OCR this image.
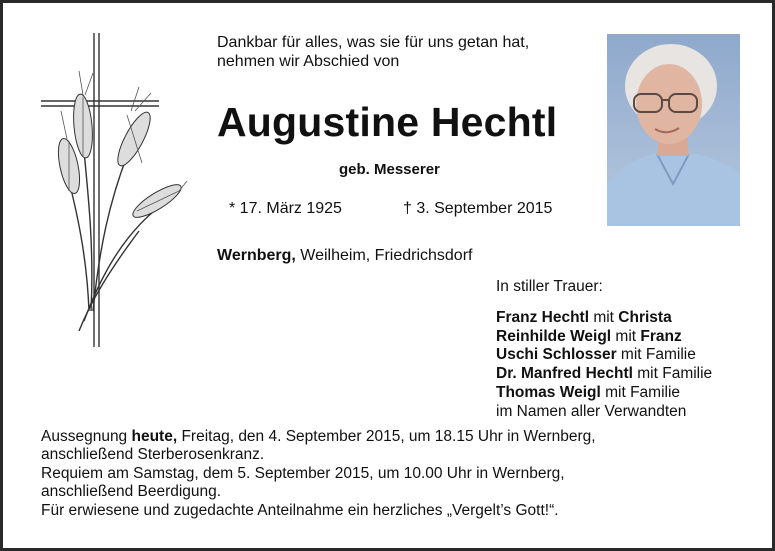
Dankbar für alles, was sie für uns getan hat,
nehmen wir Abschied von
Augustine Hechtl
geb. Messerer
* 17. März 1925	† 3. September 2015
Wernberg, Weilheim, Friedrichsdorf
In stiller Trauer:
Franz Hechtl mit Christa
Reinhilde Weigl mit Franz
Uschi Schlosser mit Familie
Dr. Manfred Hechtl mit Familie
Thomas Weigl mit Familie
im Namen aller Verwandten
Aussegnung heute, Freitag, den 4. September 2015, um 18.15 Uhr in Wernberg,
anschließend Sterberosenkranz.
Requiem am Samstag, dem 5. September 2015, um 10.00 Uhr in Wernberg,
anschließend Beerdigung.
Für erwiesene und zugedachte Anteilnahme ein herzliches „Vergelt’s Gott!“.
